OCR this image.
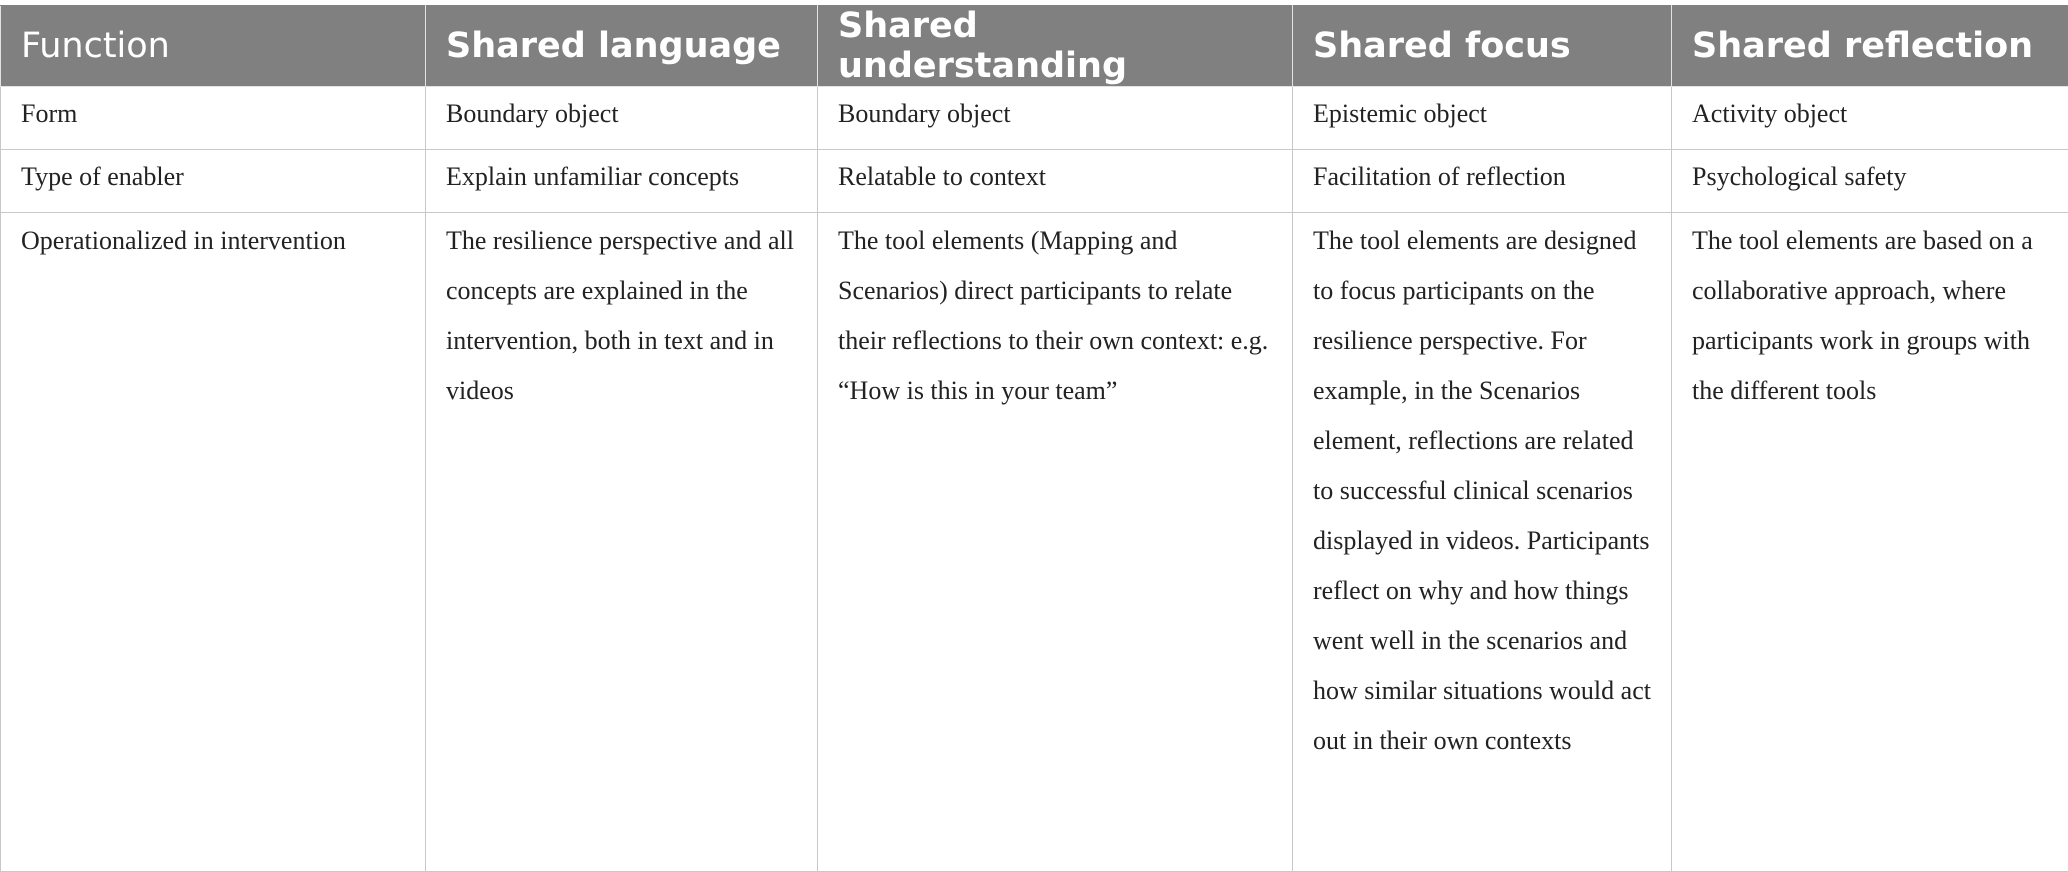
Function	Shared language	Shared understanding	Shared focus	Shared reflection
Form	Boundary object	Boundary object	Epistemic object	Activity object
Type of enabler	Explain unfamiliar concepts	Relatable to context	Facilitation of reflection	Psychological safety
Operationalized in intervention	The resilience perspective and all concepts are explained in the intervention, both in text and in videos	The tool elements (Mapping and Scenarios) direct participants to relate their reflections to their own context: e.g. “How is this in your team”	The tool elements are designed to focus participants on the resilience perspective. For example, in the Scenarios element, reflections are related to successful clinical scenarios displayed in videos. Participants reflect on why and how things went well in the scenarios and how similar situations would act out in their own contexts	The tool elements are based on a collaborative approach, where participants work in groups with the different tools
